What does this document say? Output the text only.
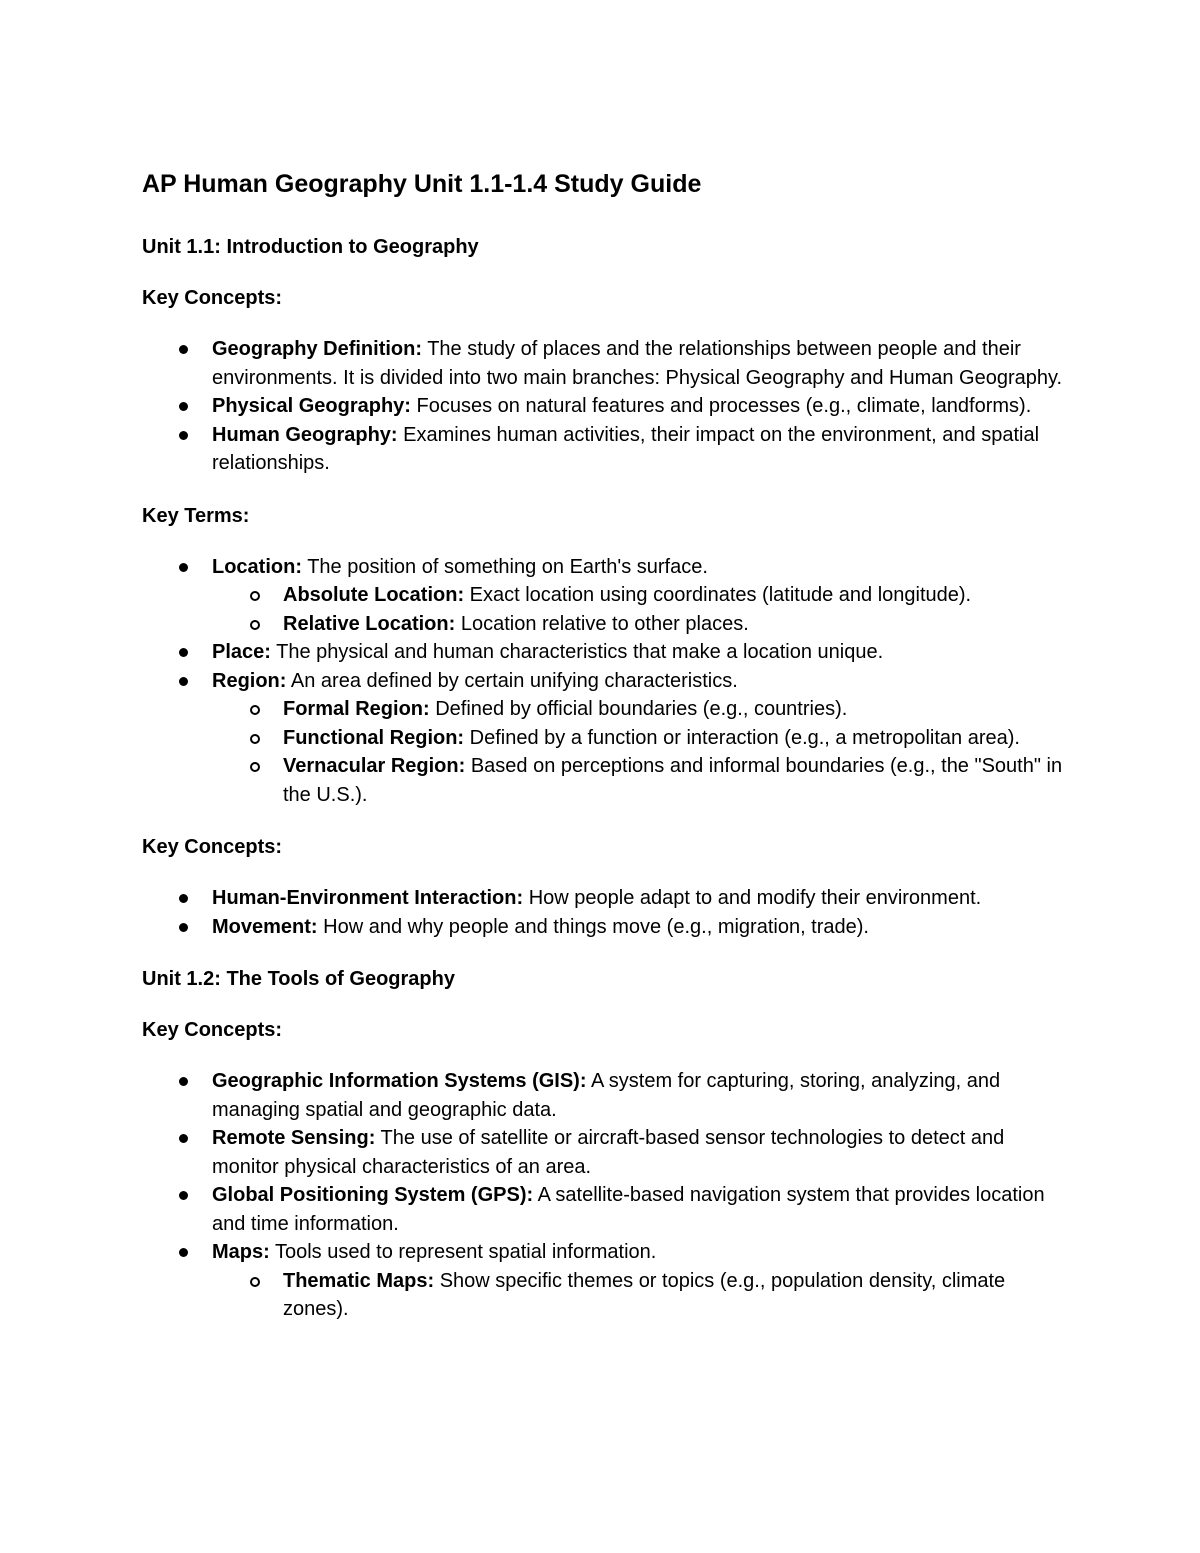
AP Human Geography Unit 1.1-1.4 Study Guide
Unit 1.1: Introduction to Geography
Key Concepts:
Geography Definition: The study of places and the relationships between people and their environments. It is divided into two main branches: Physical Geography and Human Geography.
Physical Geography: Focuses on natural features and processes (e.g., climate, landforms).
Human Geography: Examines human activities, their impact on the environment, and spatial relationships.
Key Terms:
Location: The position of something on Earth's surface.
Absolute Location: Exact location using coordinates (latitude and longitude).
Relative Location: Location relative to other places.
Place: The physical and human characteristics that make a location unique.
Region: An area defined by certain unifying characteristics.
Formal Region: Defined by official boundaries (e.g., countries).
Functional Region: Defined by a function or interaction (e.g., a metropolitan area).
Vernacular Region: Based on perceptions and informal boundaries (e.g., the "South" in the U.S.).
Key Concepts:
Human-Environment Interaction: How people adapt to and modify their environment.
Movement: How and why people and things move (e.g., migration, trade).
Unit 1.2: The Tools of Geography
Key Concepts:
Geographic Information Systems (GIS): A system for capturing, storing, analyzing, and managing spatial and geographic data.
Remote Sensing: The use of satellite or aircraft-based sensor technologies to detect and monitor physical characteristics of an area.
Global Positioning System (GPS): A satellite-based navigation system that provides location and time information.
Maps: Tools used to represent spatial information.
Thematic Maps: Show specific themes or topics (e.g., population density, climate zones).
